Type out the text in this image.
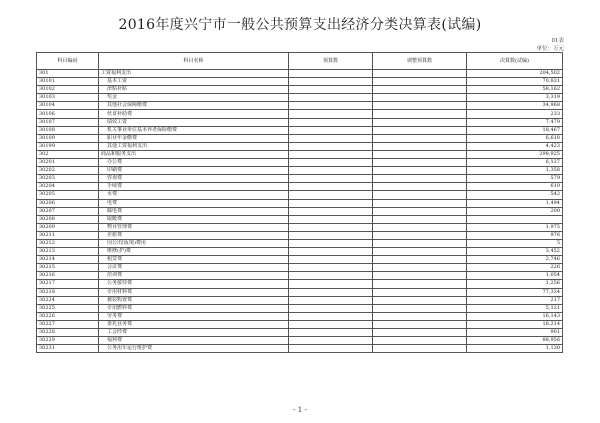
2016年度兴宁市一般公共预算支出经济分类决算表(试编)
01表
单位：万元
科目编码	科目名称	预算数	调整预算数	决算数(试编)
301	工资福利支出			204,502
30101	基本工资			70,831
30102	津贴补贴			58,162
30103	奖金			3,319
30104	其他社会保障缴费			34,968
30106	伙食补助费			233
30107	绩效工资			7,479
30108	机关事业单位基本养老保险缴费			18,467
30109	职业年金缴费			6,618
30199	其他工资福利支出			4,423
302	商品和服务支出			299,925
30201	办公费			6,127
30202	印刷费			1,358
30203	咨询费			579
30204	手续费			619
30205	水费			542
30206	电费			1,494
30207	邮电费			200
30208	取暖费			
30209	物业管理费			1,975
30211	差旅费			976
30212	因公出国(境)费用			5
30213	维修(护)费			3,452
30214	租赁费			2,746
30215	会议费			226
30216	培训费			1,054
30217	公务接待费			1,256
30218	专用材料费			77,334
30224	被装购置费			217
30225	专用燃料费			5,121
30226	劳务费			16,143
30227	委托业务费			18,214
30228	工会经费			901
30229	福利费			88,956
30231	公务用车运行维护费			1,130
- 1 -
